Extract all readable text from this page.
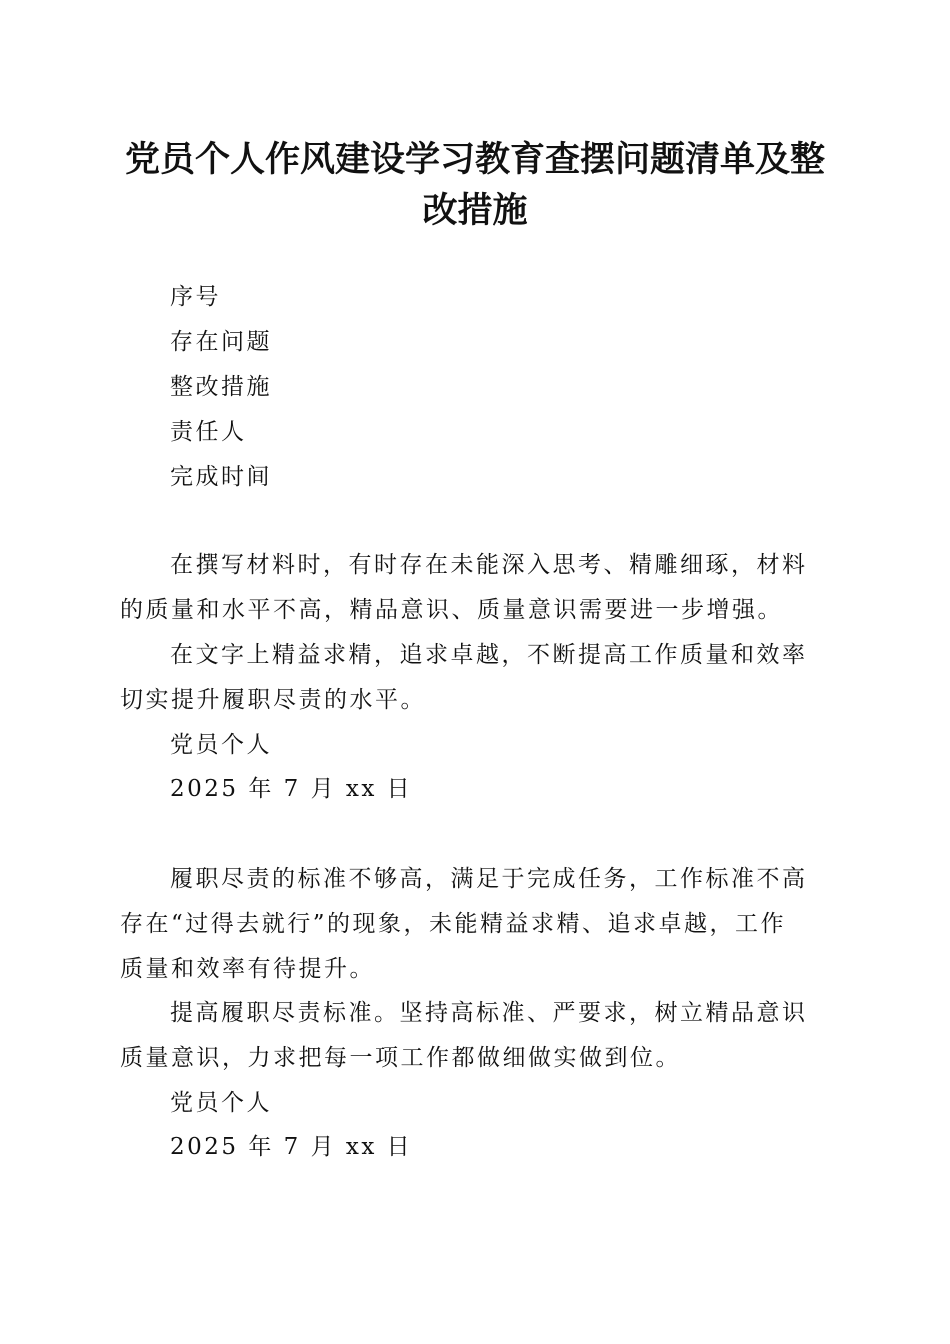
党员个人作风建设学习教育查摆问题清单及整
改措施
序号
存在问题
整改措施
责任人
完成时间
在撰写材料时，有时存在未能深入思考、精雕细琢，材料
的质量和水平不高，精品意识、质量意识需要进一步增强。
在文字上精益求精，追求卓越，不断提高工作质量和效率
切实提升履职尽责的水平。
党员个人
2025 年 7 月 xx 日
履职尽责的标准不够高，满足于完成任务，工作标准不高
存在“过得去就行”的现象，未能精益求精、追求卓越，工作
质量和效率有待提升。
提高履职尽责标准。坚持高标准、严要求，树立精品意识
质量意识，力求把每一项工作都做细做实做到位。
党员个人
2025 年 7 月 xx 日
